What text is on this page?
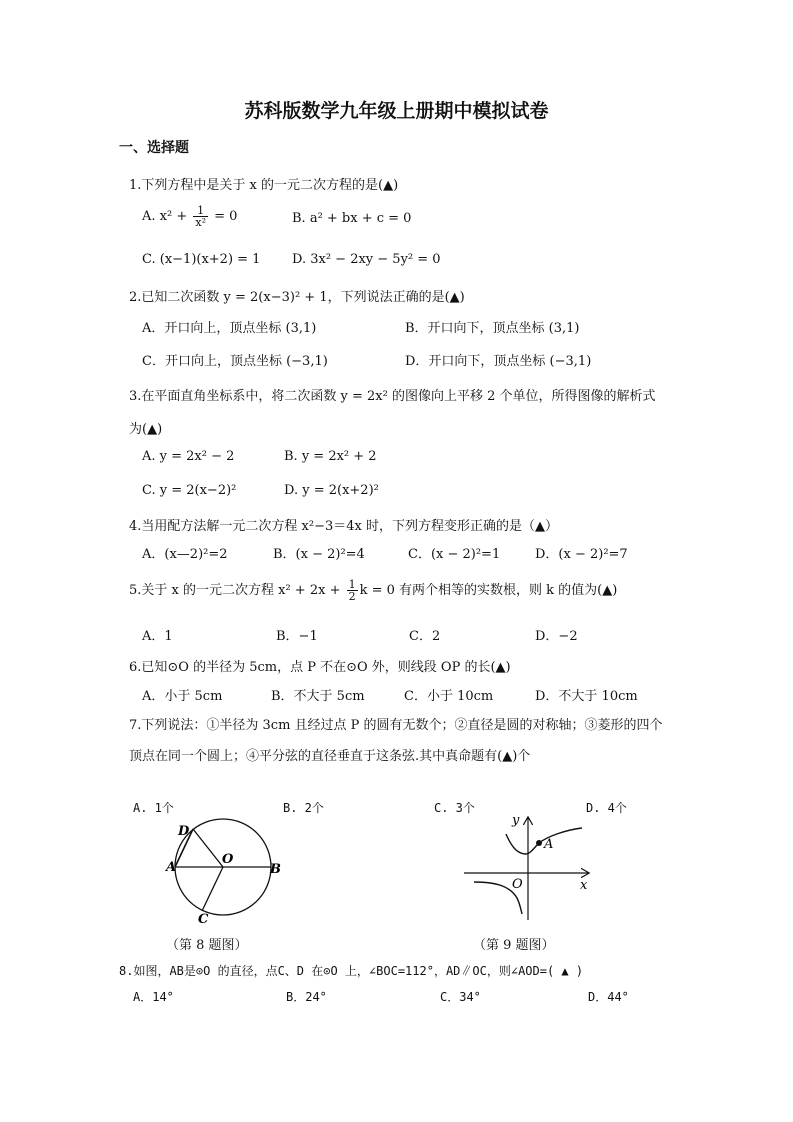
苏科版数学九年级上册期中模拟试卷
一、选择题
1.下列方程中是关于 x 的一元二次方程的是(▲)
A. $x^2 + \frac{1}{\text{x²}} = 0$	B. a² + bx + c = 0
C. (x−1)(x+2) = 1 D. 3x² − 2xy − 5y² = 0
2.已知二次函数 y = 2(x−3)² + 1，下列说法正确的是(▲)
A．开口向上，顶点坐标 (3,1)	B．开口向下，顶点坐标 (3,1)
C．开口向上，顶点坐标 (−3,1)	D．开口向下，顶点坐标 (−3,1)
3.在平面直角坐标系中，将二次函数 y = 2x² 的图像向上平移 2 个单位，所得图像的解析式
为(▲)
A. y = 2x² − 2	B. y = 2x² + 2
C. y = 2(x−2)²	D. y = 2(x+2)²
4.当用配方法解一元二次方程 x²−3＝4x 时，下列方程变形正确的是（▲）
A．(x—2)²=2	B．(x − 2)²=4	C．(x − 2)²=1	D．(x − 2)²=7
5.关于 x 的一元二次方程 $x^2 + 2x + \frac{1}{2}$ k = 0 有两个相等的实数根，则 k 的值为(▲)
A．1	B．−1	C．2	D．−2
6.已知⊙O 的半径为 5cm，点 P 不在⊙O 外，则线段 OP 的长(▲)
A．小于 5cm	B．不大于 5cm	C．小于 10cm	D．不大于 10cm
7.下列说法：①半径为 3cm 且经过点 P 的圆有无数个；②直径是圆的对称轴；③菱形的四个
顶点在同一个圆上；④平分弦的直径垂直于这条弦.其中真命题有(▲)个
A. 1个	B. 2个	C. 3个	D. 4个
D
A
O
B
C
（第 8 题图）
A
y
x
O
（第 9 题图）
8.如图，AB是⊙O 的直径，点C、D 在⊙O 上，∠BOC=112°，AD∥OC，则∠AOD=( ▲ )
A．14°	B．24°	C．34°	D．44°
